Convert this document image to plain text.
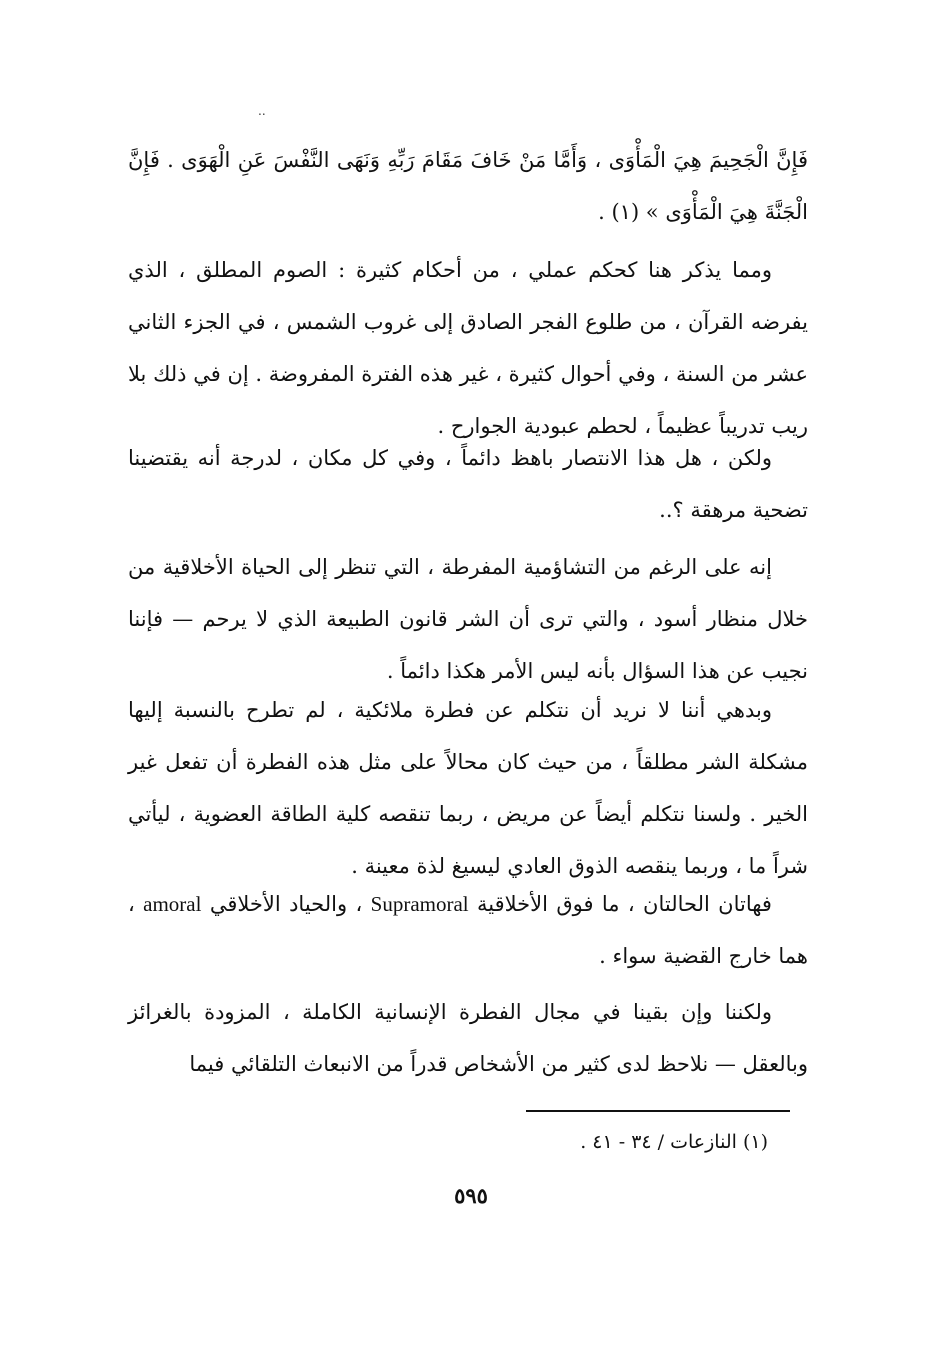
..
فَإِنَّ الْجَحِيمَ هِيَ الْمَأْوَى ، وَأَمَّا مَنْ خَافَ مَقَامَ رَبِّهِ وَنَهَى النَّفْسَ عَنِ الْهَوَى . فَإِنَّ الْجَنَّةَ هِيَ الْمَأْوَى » (١) .

ومما يذكر هنا كحكم عملي ، من أحكام كثيرة : الصوم المطلق ، الذي يفرضه القرآن ، من طلوع الفجر الصادق إلى غروب الشمس ، في الجزء الثاني عشر من السنة ، وفي أحوال كثيرة ، غير هذه الفترة المفروضة . إن في ذلك بلا ريب تدريباً عظيماً ، لحطم عبودية الجوارح .

ولكن ، هل هذا الانتصار باهظ دائماً ، وفي كل مكان ، لدرجة أنه يقتضينا تضحية مرهقة ؟..

إنه على الرغم من التشاؤمية المفرطة ، التي تنظر إلى الحياة الأخلاقية من خلال منظار أسود ، والتي ترى أن الشر قانون الطبيعة الذي لا يرحم — فإننا نجيب عن هذا السؤال بأنه ليس الأمر هكذا دائماً .

وبدهي أننا لا نريد أن نتكلم عن فطرة ملائكية ، لم تطرح بالنسبة إليها مشكلة الشر مطلقاً ، من حيث كان محالاً على مثل هذه الفطرة أن تفعل غير الخير . ولسنا نتكلم أيضاً عن مريض ، ربما تنقصه كلية الطاقة العضوية ، ليأتي شراً ما ، وربما ينقصه الذوق العادي ليسيغ لذة معينة .

فهاتان الحالتان ، ما فوق الأخلاقية Supramoral ، والحياد الأخلاقي amoral ، هما خارج القضية سواء .

ولكننا وإن بقينا في مجال الفطرة الإنسانية الكاملة ، المزودة بالغرائز وبالعقل — نلاحظ لدى كثير من الأشخاص قدراً من الانبعاث التلقائي فيما

(١) النازعات / ٣٤ - ٤١ .
٥٩٥
